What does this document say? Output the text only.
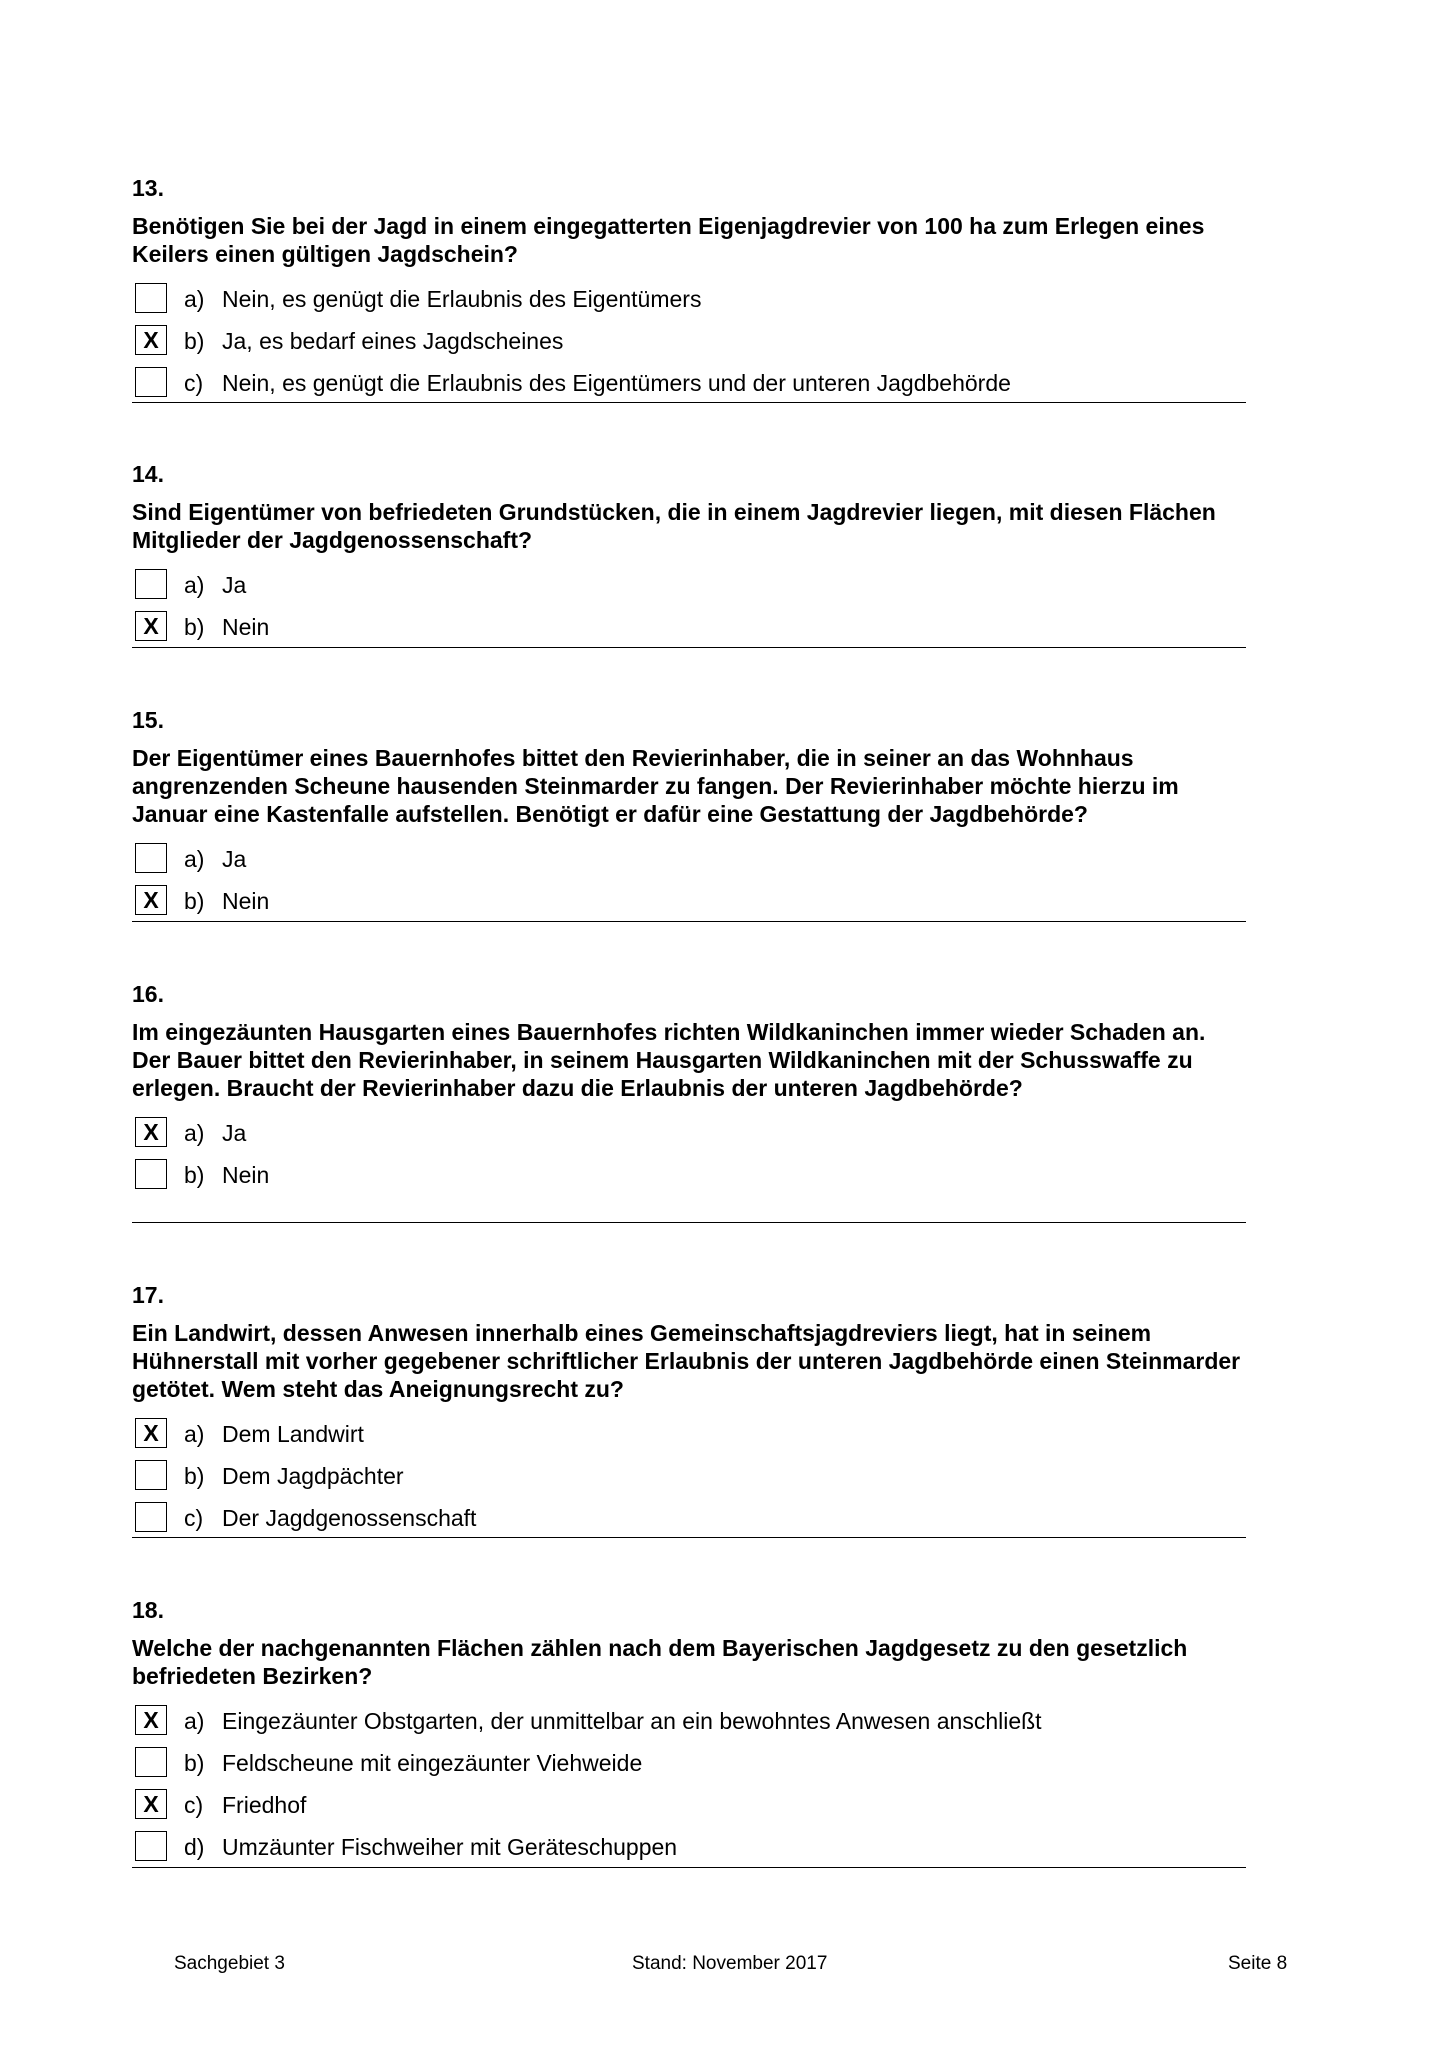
13.
Benötigen Sie bei der Jagd in einem eingegatterten Eigenjagdrevier von 100 ha zum Erlegen eines Keilers einen gültigen Jagdschein?
a) Nein, es genügt die Erlaubnis des Eigentümers
X	b) Ja, es bedarf eines Jagdscheines
c) Nein, es genügt die Erlaubnis des Eigentümers und der unteren Jagdbehörde
14.
Sind Eigentümer von befriedeten Grundstücken, die in einem Jagdrevier liegen, mit diesen Flächen Mitglieder der Jagdgenossenschaft?
a) Ja
X	b) Nein
15.
Der Eigentümer eines Bauernhofes bittet den Revierinhaber, die in seiner an das Wohnhaus angrenzenden Scheune hausenden Steinmarder zu fangen. Der Revierinhaber möchte hierzu im Januar eine Kastenfalle aufstellen. Benötigt er dafür eine Gestattung der Jagdbehörde?
a) Ja
X	b) Nein
16.
Im eingezäunten Hausgarten eines Bauernhofes richten Wildkaninchen immer wieder Schaden an. Der Bauer bittet den Revierinhaber, in seinem Hausgarten Wildkaninchen mit der Schusswaffe zu erlegen. Braucht der Revierinhaber dazu die Erlaubnis der unteren Jagdbehörde?
X	a) Ja
b) Nein
17.
Ein Landwirt, dessen Anwesen innerhalb eines Gemeinschaftsjagdreviers liegt, hat in seinem Hühnerstall mit vorher gegebener schriftlicher Erlaubnis der unteren Jagdbehörde einen Steinmarder getötet. Wem steht das Aneignungsrecht zu?
X	a) Dem Landwirt
b) Dem Jagdpächter
c) Der Jagdgenossenschaft
18.
Welche der nachgenannten Flächen zählen nach dem Bayerischen Jagdgesetz zu den gesetzlich befriedeten Bezirken?
X	a) Eingezäunter Obstgarten, der unmittelbar an ein bewohntes Anwesen anschließt
b) Feldscheune mit eingezäunter Viehweide
X	c) Friedhof
d) Umzäunter Fischweiher mit Geräteschuppen
Sachgebiet 3	Stand: November 2017	Seite 8
